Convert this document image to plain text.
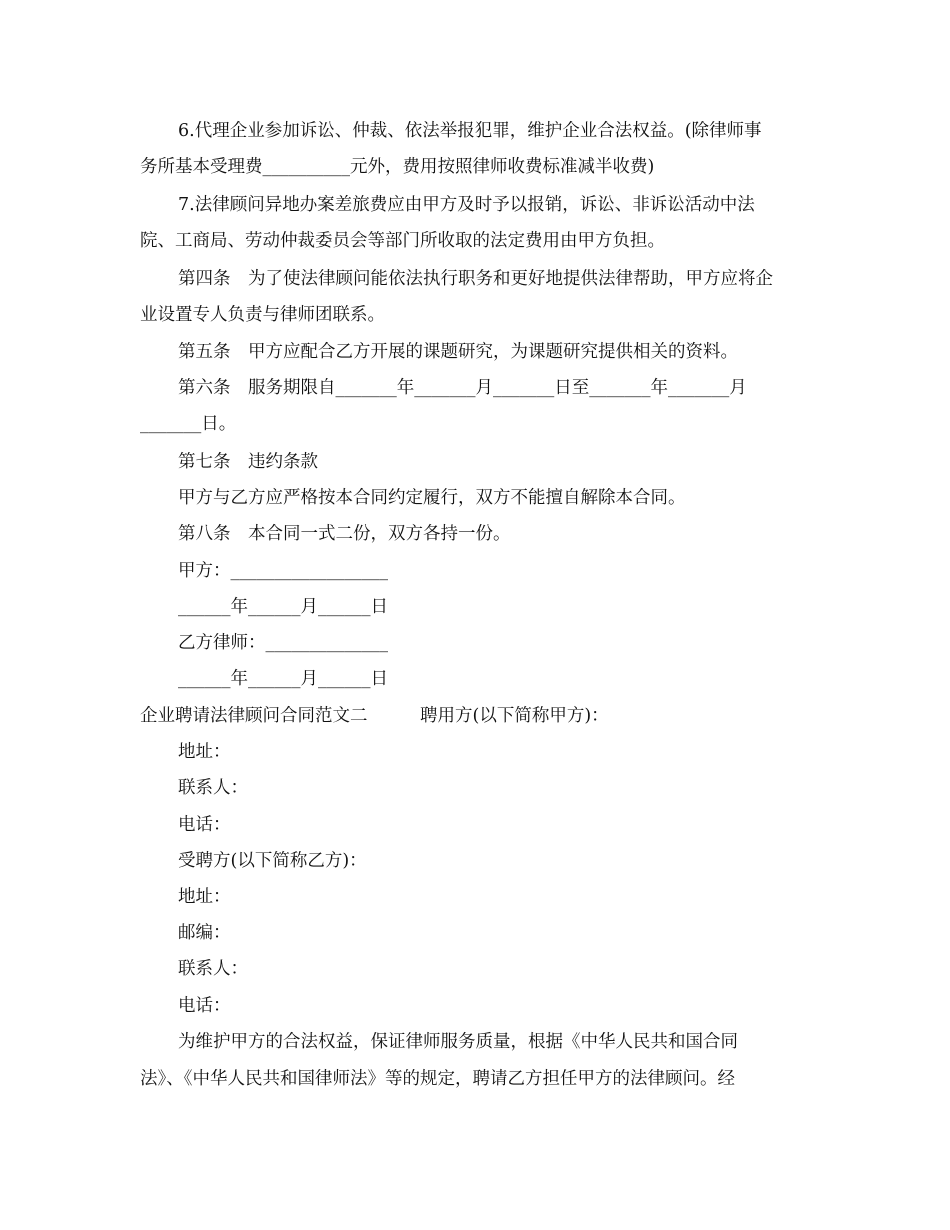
6.代理企业参加诉讼、仲裁、依法举报犯罪，维护企业合法权益。(除律师事
务所基本受理费__________元外，费用按照律师收费标准减半收费)
7.法律顾问异地办案差旅费应由甲方及时予以报销，诉讼、非诉讼活动中法
院、工商局、劳动仲裁委员会等部门所收取的法定费用由甲方负担。
第四条　为了使法律顾问能依法执行职务和更好地提供法律帮助，甲方应将企
业设置专人负责与律师团联系。
第五条　甲方应配合乙方开展的课题研究，为课题研究提供相关的资料。
第六条　服务期限自_______年_______月_______日至_______年_______月
_______日。
第七条　违约条款
甲方与乙方应严格按本合同约定履行，双方不能擅自解除本合同。
第八条　本合同一式二份，双方各持一份。
甲方：__________________
______年______月______日
乙方律师：______________
______年______月______日
企业聘请法律顾问合同范文二　　　聘用方(以下简称甲方)：
地址：
联系人：
电话：
受聘方(以下简称乙方)：
地址：
邮编：
联系人：
电话：
为维护甲方的合法权益，保证律师服务质量，根据《中华人民共和国合同
法》、《中华人民共和国律师法》等的规定，聘请乙方担任甲方的法律顾问。经
